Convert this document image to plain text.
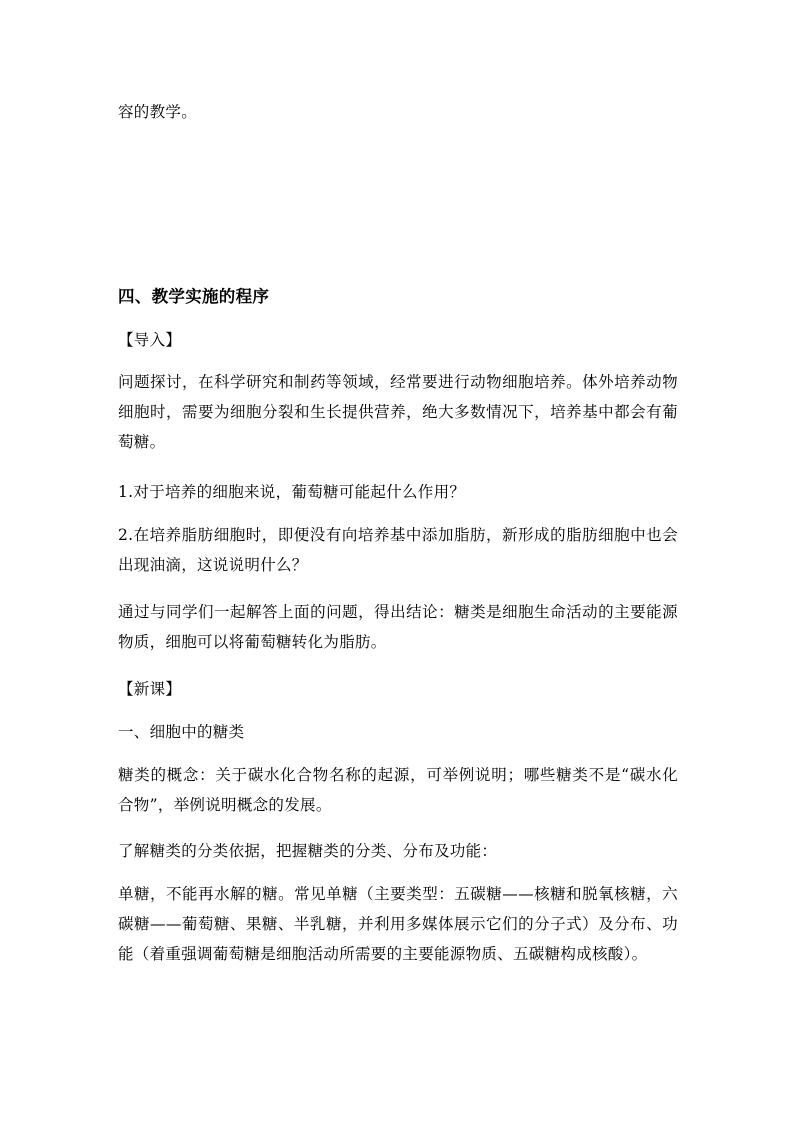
容的教学。
四、教学实施的程序
【导入】
问题探讨，在科学研究和制药等领域，经常要进行动物细胞培养。体外培养动物细胞时，需要为细胞分裂和生长提供营养，绝大多数情况下，培养基中都会有葡萄糖。
1.对于培养的细胞来说，葡萄糖可能起什么作用？
2.在培养脂肪细胞时，即便没有向培养基中添加脂肪，新形成的脂肪细胞中也会出现油滴，这说说明什么？
通过与同学们一起解答上面的问题，得出结论：糖类是细胞生命活动的主要能源物质，细胞可以将葡萄糖转化为脂肪。
【新课】
一、细胞中的糖类
糖类的概念：关于碳水化合物名称的起源，可举例说明；哪些糖类不是“碳水化合物”，举例说明概念的发展。
了解糖类的分类依据，把握糖类的分类、分布及功能：
单糖，不能再水解的糖。常见单糖（主要类型：五碳糖——核糖和脱氧核糖，六碳糖——葡萄糖、果糖、半乳糖，并利用多媒体展示它们的分子式）及分布、功能（着重强调葡萄糖是细胞活动所需要的主要能源物质、五碳糖构成核酸）。
